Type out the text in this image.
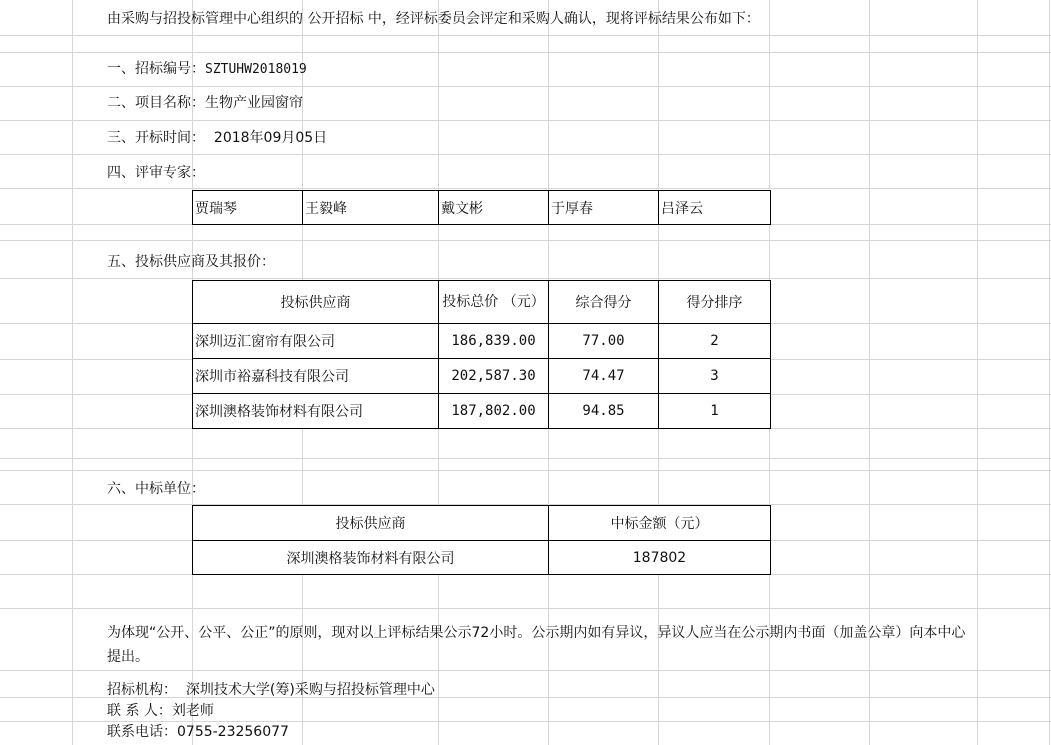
由采购与招投标管理中心组织的 公开招标 中，经评标委员会评定和采购人确认，现将评标结果公布如下：
一、招标编号：SZTUHW2018019
二、项目名称：生物产业园窗帘
三、开标时间： 2018年09月05日
四、评审专家：
贾瑞琴	王毅峰	戴文彬	于厚春	吕泽云
五、投标供应商及其报价：
投标供应商	投标总价 （元）	综合得分	得分排序
深圳迈汇窗帘有限公司	186,839.00	77.00	2
深圳市裕嘉科技有限公司	202,587.30	74.47	3
深圳澳格装饰材料有限公司	187,802.00	94.85	1
六、中标单位：
投标供应商	中标金额（元）
深圳澳格装饰材料有限公司	187802
为体现“公开、公平、公正”的原则，现对以上评标结果公示72小时。公示期内如有异议，异议人应当在公示期内书面（加盖公章）向本中心提出。
招标机构： 深圳技术大学(筹)采购与招投标管理中心
联 系 人：刘老师
联系电话：0755-23256077
